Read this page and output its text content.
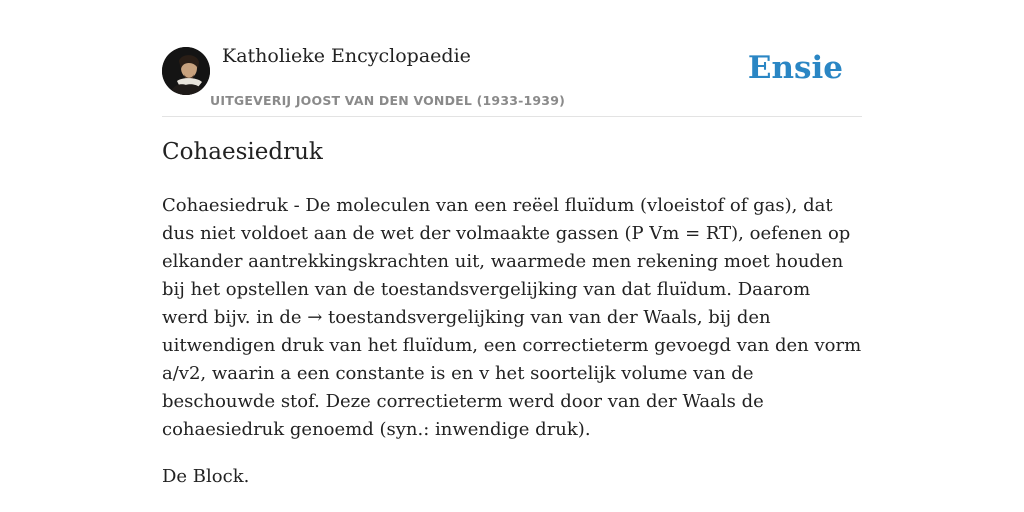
Katholieke Encyclopaedie
UITGEVERIJ JOOST VAN DEN VONDEL (1933-1939)
Ensie
Cohaesiedruk

Cohaesiedruk - De moleculen van een reëel fluïdum (vloeistof of gas), dat dus niet voldoet aan de wet der volmaakte gassen (P Vm = RT), oefenen op elkander aantrekkingskrachten uit, waarmede men rekening moet houden bij het opstellen van de toestandsvergelijking van dat fluïdum. Daarom werd bijv. in de → toestandsvergelijking van van der Waals, bij den uitwendigen druk van het fluïdum, een correctieterm gevoegd van den vorm a/v2, waarin a een constante is en v het soortelijk volume van de beschouwde stof. Deze correctieterm werd door van der Waals de cohaesiedruk genoemd (syn.: inwendige druk).

De Block.
